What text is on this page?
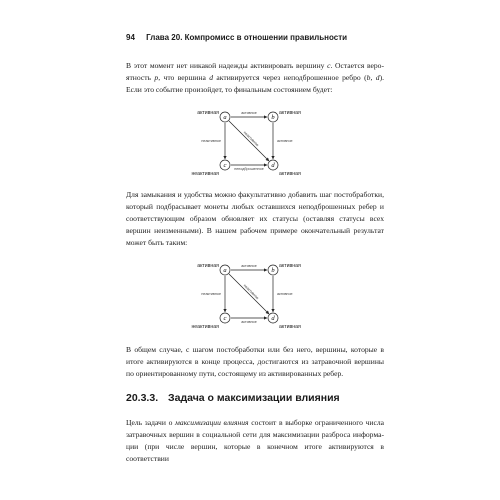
94 Глава 20. Компромисс в отношении правильности

В этот момент нет никакой надежды активировать вершину c. Остается веро-ятность p, что вершина d активируется через неподброшенное ребро (b, d). Если это событие произойдет, то финальным состоянием будет:

a	b
c	d
активная	активная
неактивная	активная
активное
неактивное	неактивное	активное
неподброшенное

Для замыкания и удобства можно факультативно добавить шаг постобработки, который подбрасывает монеты любых оставшихся неподброшенных ребер и соответствующим образом обновляет их статусы (оставляя статусы всех вершин неизменными). В нашем рабочем примере окончательный результат может быть таким:

a	b
c	d
активная	активная
неактивная	активная
активное
неактивное	неактивное	активное
активное

В общем случае, с шагом постобработки или без него, вершины, которые в итоге активируются в конце процесса, достигаются из затравочной вершины по ориентированному пути, состоящему из активированных ребер.

20.3.3. Задача о максимизации влияния

Цель задачи о максимизации влияния состоит в выборке ограниченного числа затравочных вершин в социальной сети для максимизации разброса информа-ции (при числе вершин, которые в конечном итоге активируются в соответствии
